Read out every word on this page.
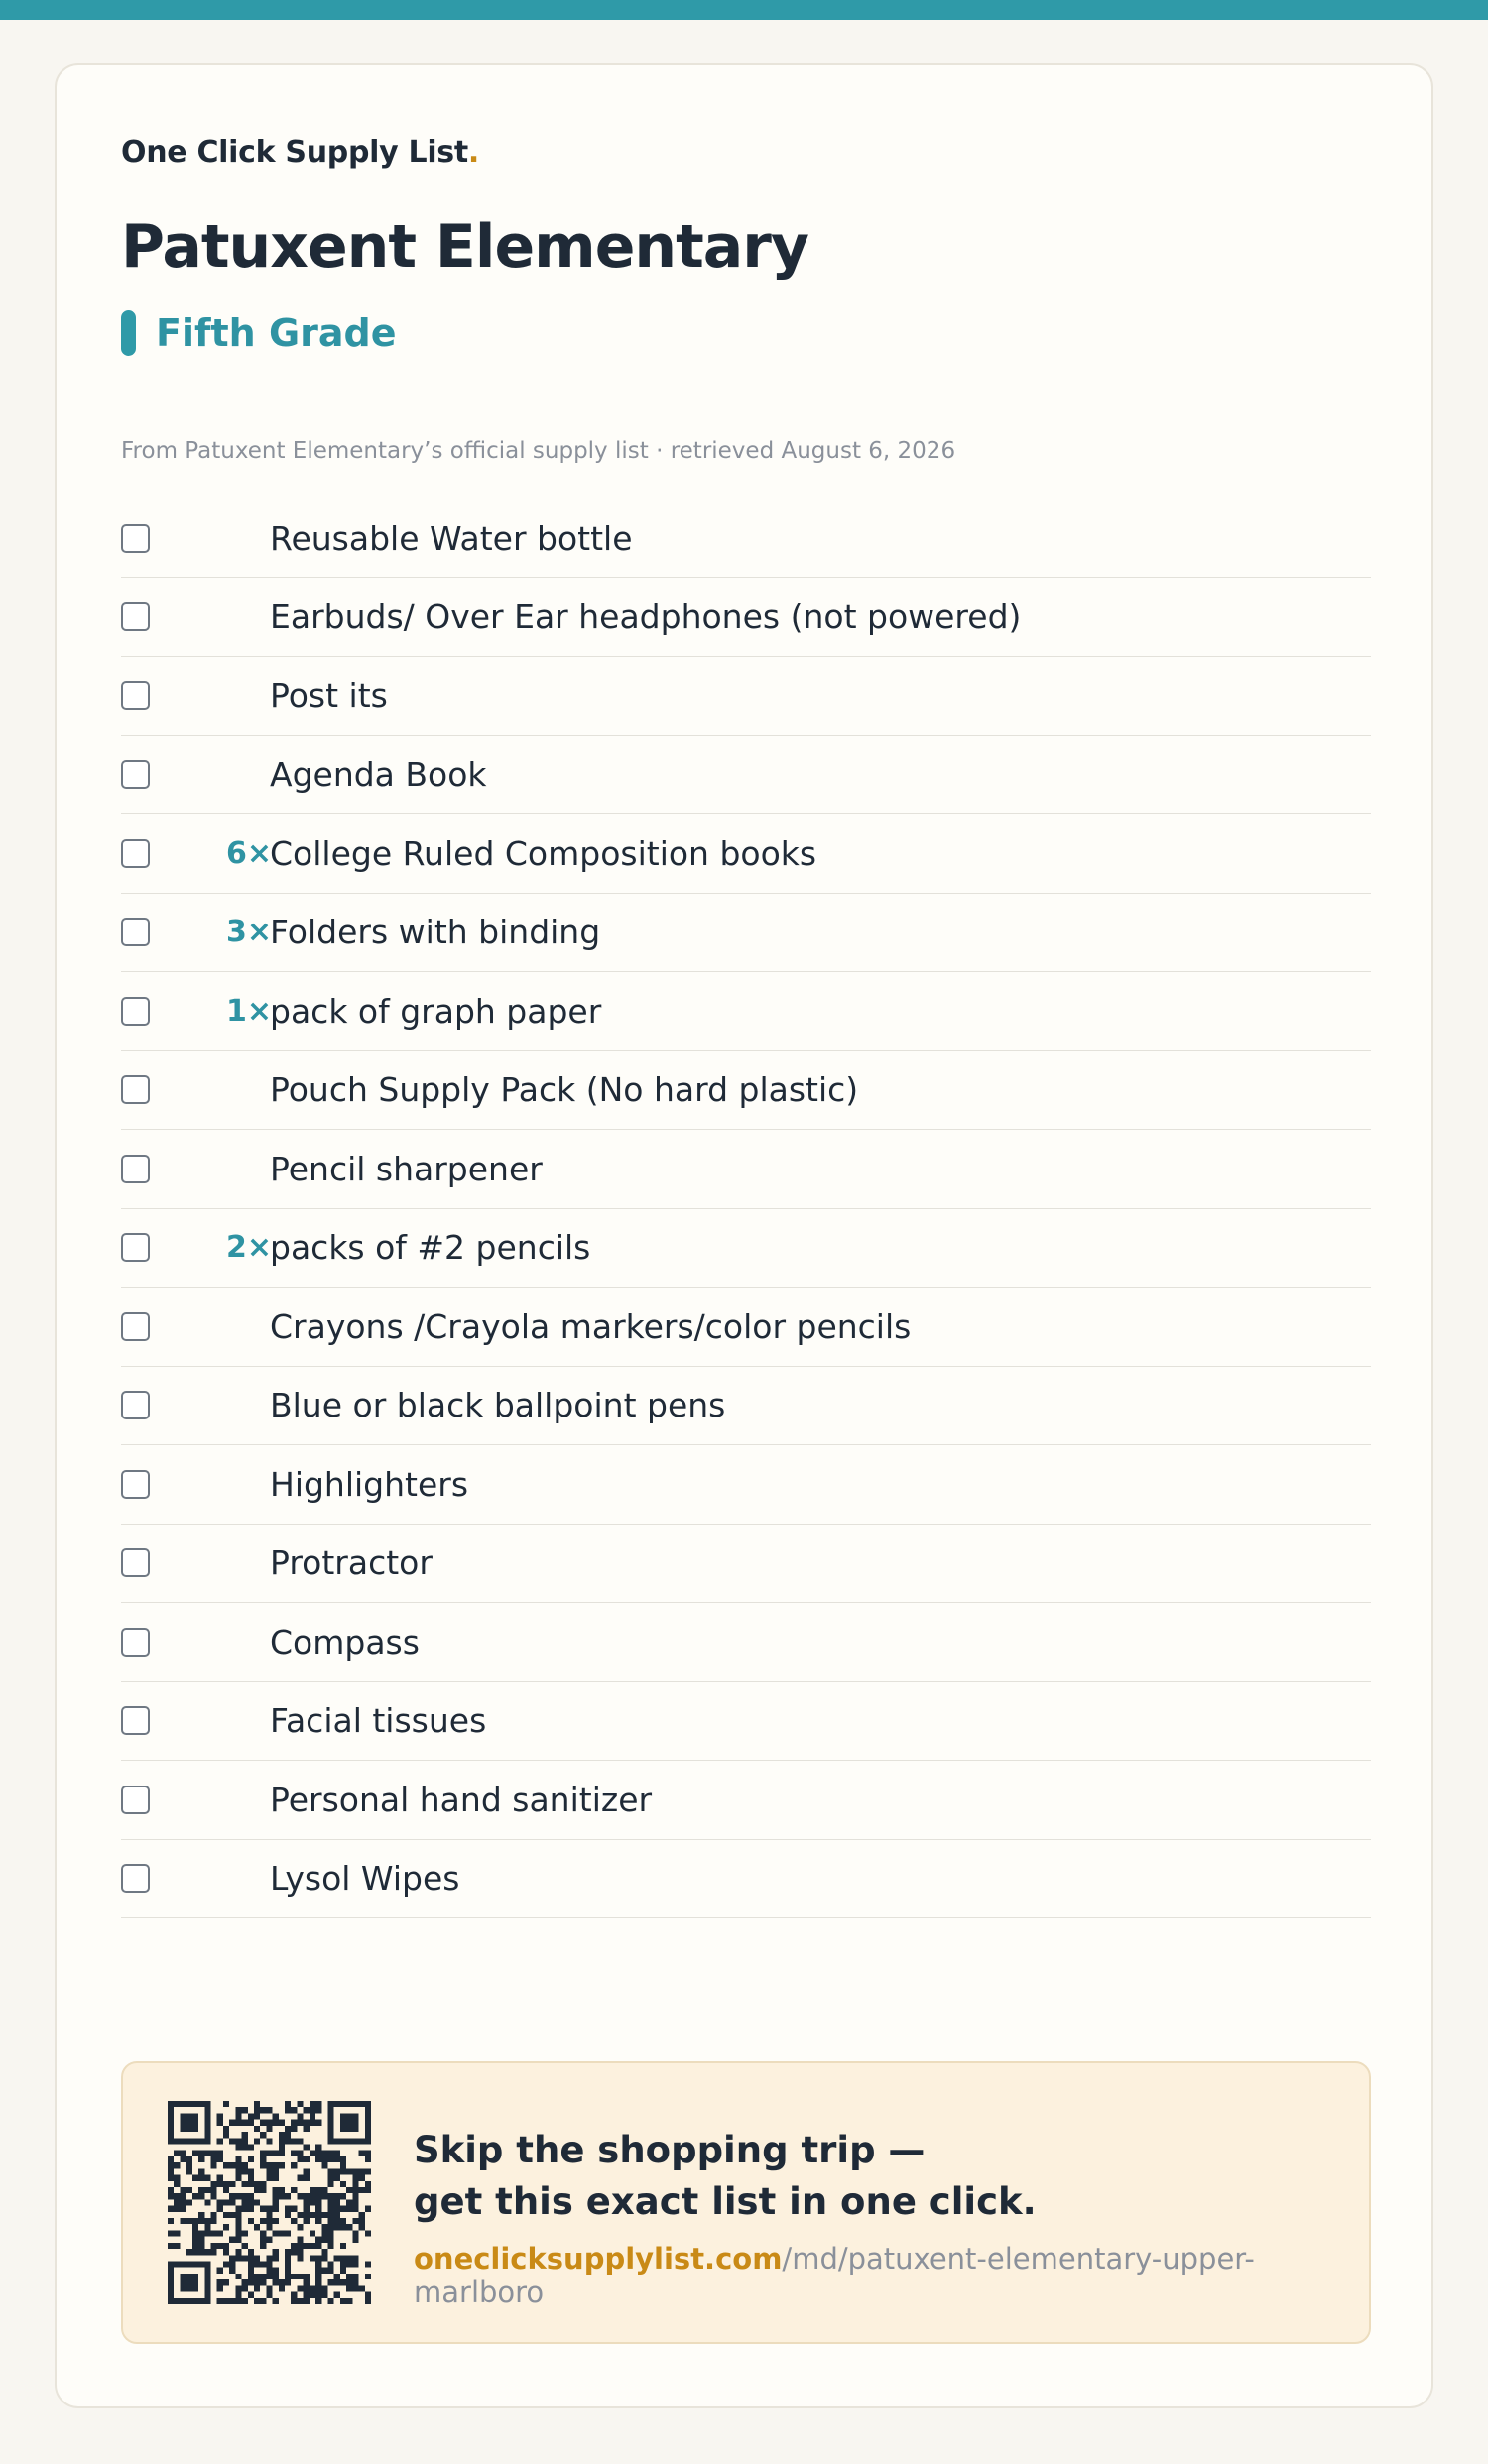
One Click Supply List.
Patuxent Elementary
Fifth Grade
From Patuxent Elementary’s official supply list · retrieved August 6, 2026
Reusable Water bottle
Earbuds/ Over Ear headphones (not powered)
Post its
Agenda Book
6×
College Ruled Composition books
3×
Folders with binding
1×
pack of graph paper
Pouch Supply Pack (No hard plastic)
Pencil sharpener
2×
packs of #2 pencils
Crayons /Crayola markers/color pencils
Blue or black ballpoint pens
Highlighters
Protractor
Compass
Facial tissues
Personal hand sanitizer
Lysol Wipes
Skip the shopping trip —
get this exact list in one click.
oneclicksupplylist.com/md/patuxent-elementary-upper-marlboro
